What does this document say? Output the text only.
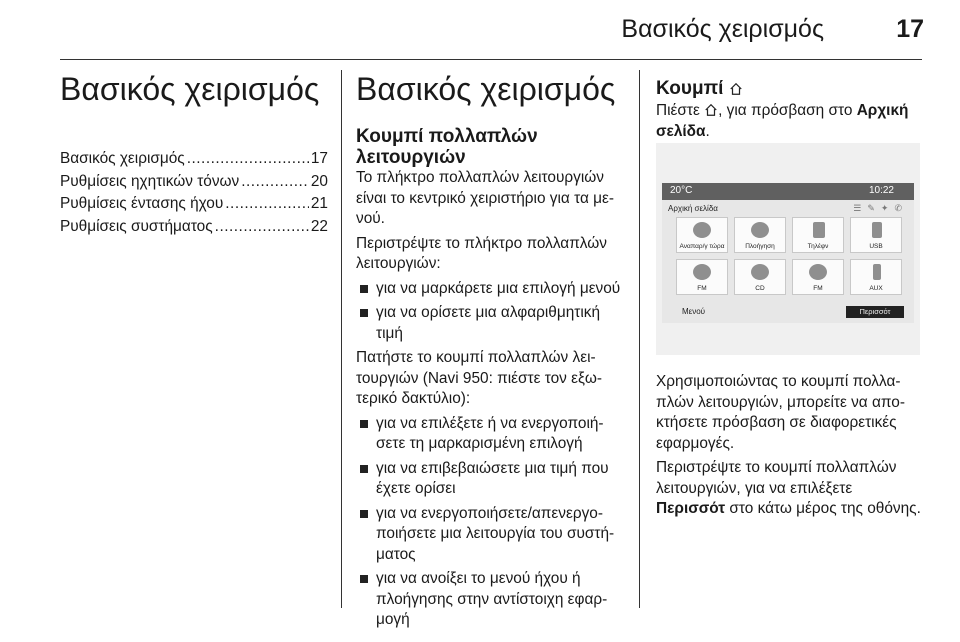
Βασικός χειρισμός	17
Βασικός χειρισμός
Βασικός χειρισμός .....	17
Ρυθμίσεις ηχητικών τόνων .....	20
Ρυθμίσεις έντασης ήχου .....	21
Ρυθμίσεις συστήματος .....	22
Βασικός χειρισμός
Κουμπί πολλαπλών λειτουργιών

Το πλήκτρο πολλαπλών λειτουργιών είναι το κεντρικό χειριστήριο για τα με‐ νού.

Περιστρέψτε το πλήκτρο πολλαπλών λειτουργιών:

για να μαρκάρετε μια επιλογή μενού
για να ορίσετε μια αλφαριθμητική τιμή

Πατήστε το κουμπί πολλαπλών λει‐ τουργιών (Navi 950: πιέστε τον εξω‐ τερικό δακτύλιο):

για να επιλέξετε ή να ενεργοποιή‐ σετε τη μαρκαρισμένη επιλογή
για να επιβεβαιώσετε μια τιμή που έχετε ορίσει
για να ενεργοποιήσετε/απενεργο‐ ποιήσετε μια λειτουργία του συστή‐ ματος
για να ανοίξει το μενού ήχου ή πλοήγησης στην αντίστοιχη εφαρ‐ μογή
Κουμπί

Πιέστε , για πρόσβαση στο Αρχική σελίδα.

20°C	10:22
Αρχική σελίδα	☰✎✦✆
Αναπαρ/γ τώρα	Πλοήγηση	Τηλέφν	USB
FM	CD	FM	AUX
Μενού	Περισσότ

Χρησιμοποιώντας το κουμπί πολλα‐ πλών λειτουργιών, μπορείτε να απο‐ κτήσετε πρόσβαση σε διαφορετικές εφαρμογές.

Περιστρέψτε το κουμπί πολλαπλών λειτουργιών, για να επιλέξετε Περισσότ στο κάτω μέρος της οθόνης.
